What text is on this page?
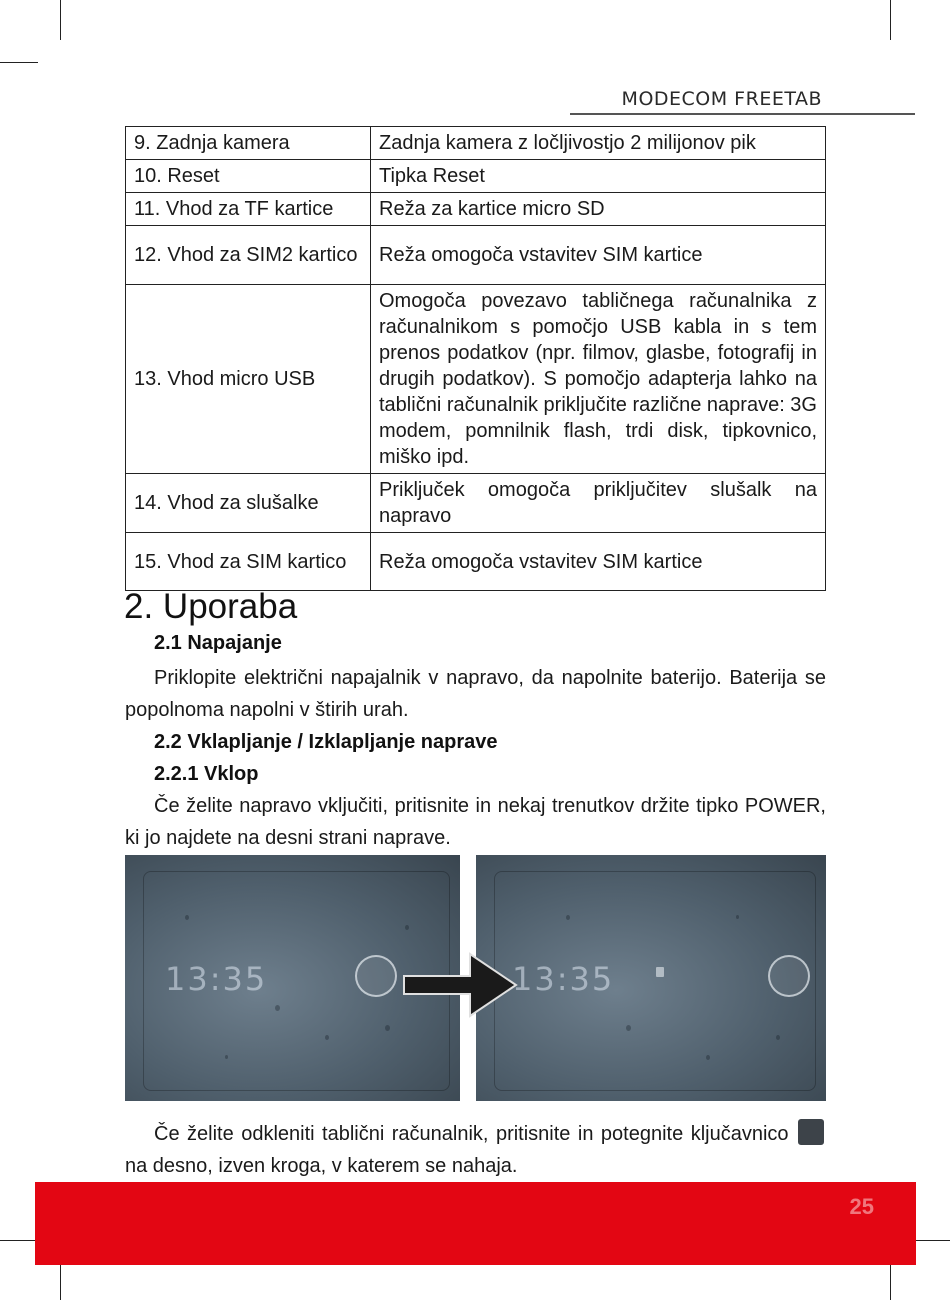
MODECOM FREETAB
9. Zadnja kamera	Zadnja kamera z ločljivostjo 2 milijonov pik
10. Reset	Tipka Reset
11. Vhod za TF kartice	Reža za kartice micro SD
12. Vhod za SIM2 kartico	Reža omogoča vstavitev SIM kartice
13. Vhod micro USB	Omogoča povezavo tabličnega računalnika z računalnikom s pomočjo USB kabla in s tem prenos podatkov (npr. filmov, glasbe, fotografij in drugih podatkov). S pomočjo adapterja lahko na tablični računalnik priključite različne naprave: 3G modem, pomnilnik flash, trdi disk, tipkovnico, miško ipd.
14. Vhod za slušalke	Priključek omogoča priključitev slušalk na napravo
15. Vhod za SIM kartico	Reža omogoča vstavitev SIM kartice
2. Uporaba
2.1 Napajanje
Priklopite električni napajalnik v napravo, da napolnite baterijo. Baterija se popolnoma napolni v štirih urah.
2.2 Vklapljanje / Izklapljanje naprave
2.2.1 Vklop
Če želite napravo vključiti, pritisnite in nekaj trenutkov držite tipko POWER, ki jo najdete na desni strani naprave.
13:35	13:35
Če želite odkleniti tablični računalnik, pritisnite in potegnite ključavnico  na desno, izven kroga, v katerem se nahaja.
25
